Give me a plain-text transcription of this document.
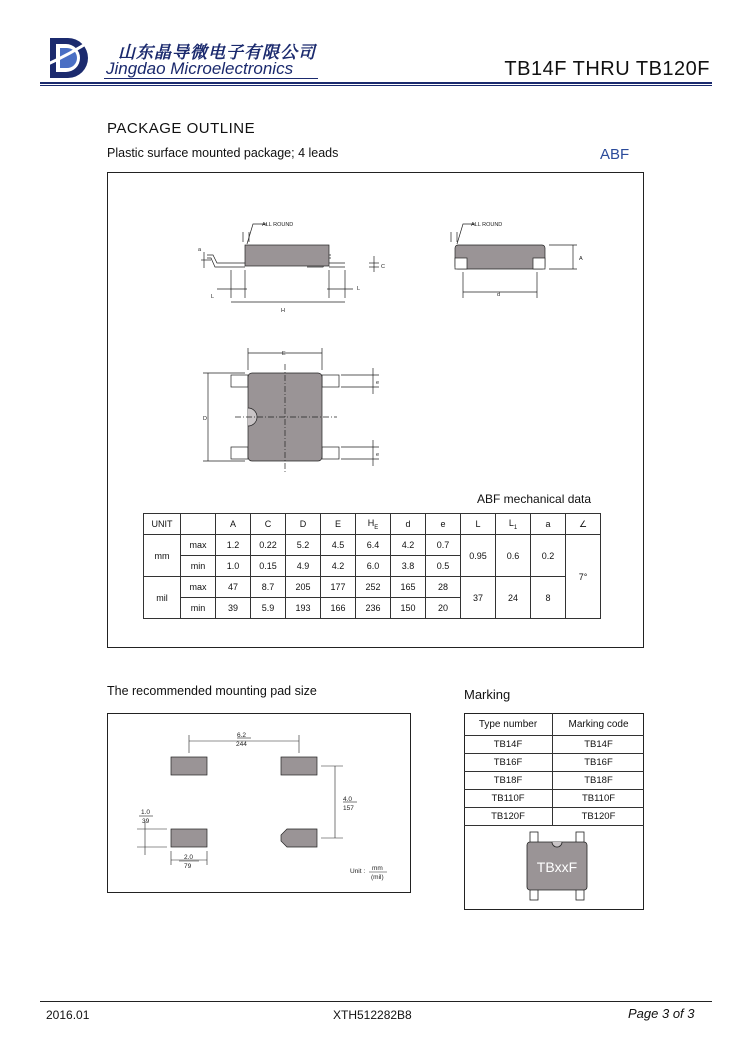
山东晶导微电子有限公司
Jingdao Microelectronics	TB14F THRU TB120F
PACKAGE OUTLINE
Plastic surface mounted package; 4 leads	ABF
ALL ROUND	ALL ROUND
a
C
L
L
H
A
d
E
D
e
e
ABF mechanical data
UNIT		A	C	D	E	$H_E$	d	e	L	$L_1$	a	∠
mm	max	1.2	0.22	5.2	4.5	6.4	4.2	0.7	0.95	0.6	0.2	7°
	min	1.0	0.15	4.9	4.2	6.0	3.8	0.5				
mil	max	47	8.7	205	177	252	165	28	37	24	8	
	min	39	5.9	193	166	236	150	20				
The recommended mounting pad size
6.2
244
4.0
157
1.0
39
2.0
79
Unit : mm
(mil)
Marking
Type number	Marking code
TB14F	TB14F
TB16F	TB16F
TB18F	TB18F
TB110F	TB110F
TB120F	TB120F
TBxxF
2016.01	XTH512282B8	Page 3 of 3
